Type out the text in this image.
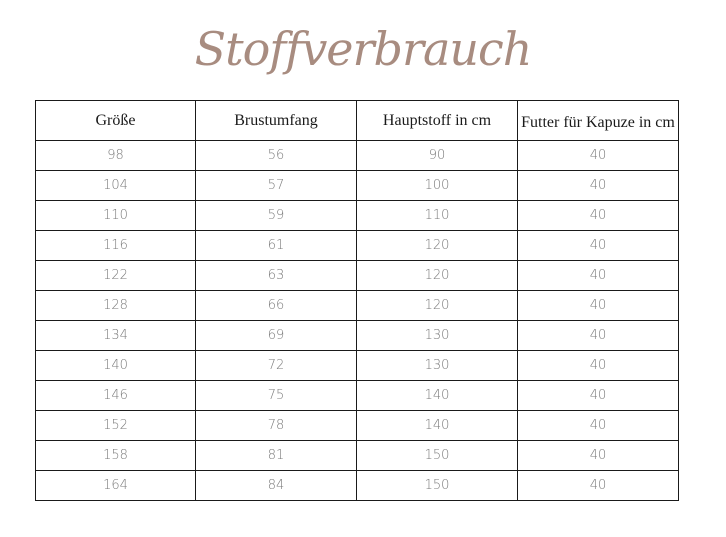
Stoffverbrauch
Größe	Brustumfang	Hauptstoff in cm	Futter für Kapuze in cm

98	56	90	40
104	57	100	40
110	59	110	40
116	61	120	40
122	63	120	40
128	66	120	40
134	69	130	40
140	72	130	40
146	75	140	40
152	78	140	40
158	81	150	40
164	84	150	40
